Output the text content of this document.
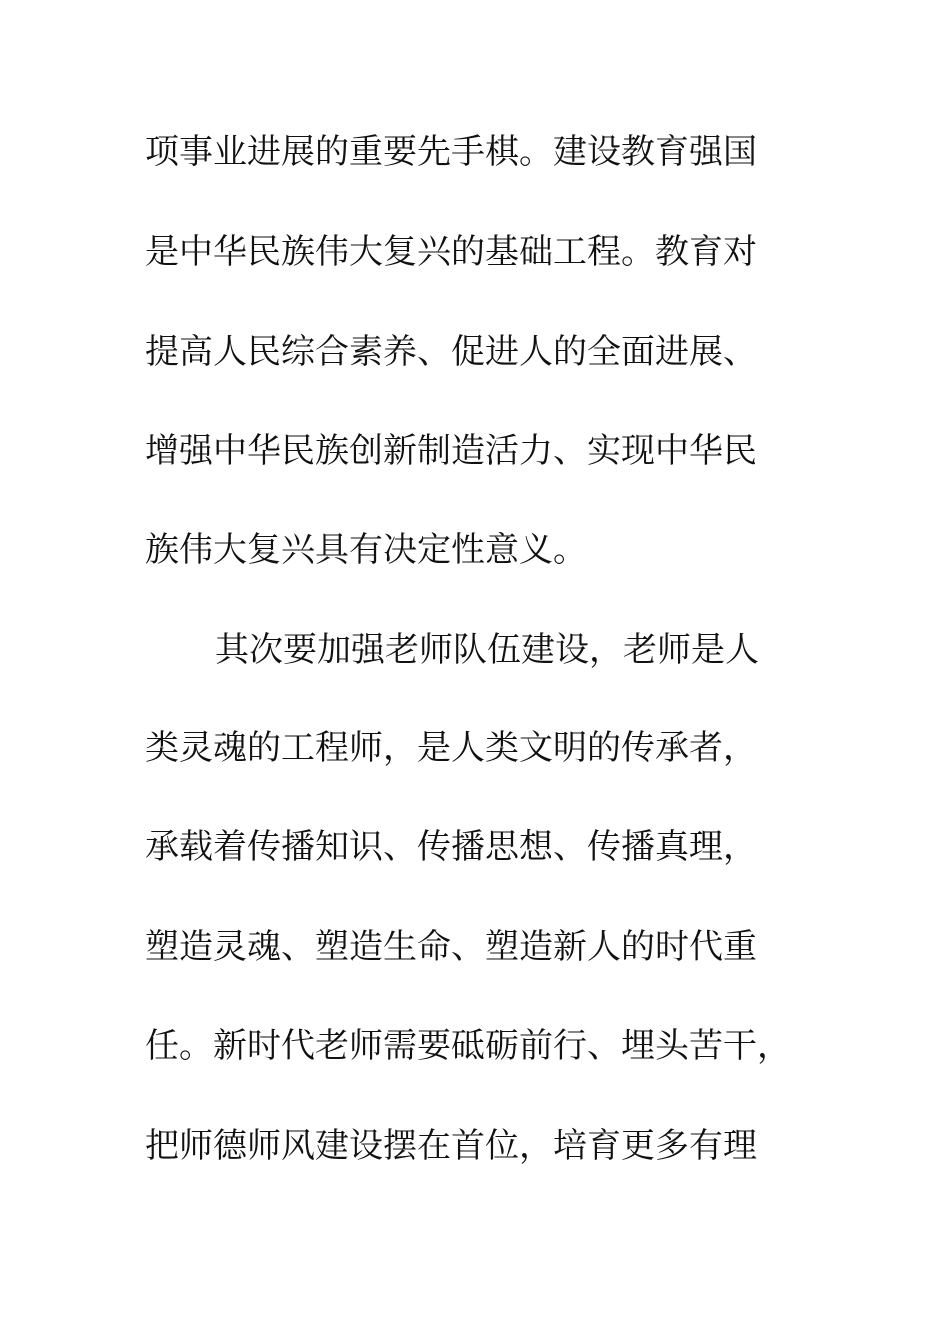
项事业进展的重要先手棋。建设教育强国
是中华民族伟大复兴的基础工程。教育对
提高人民综合素养、促进人的全面进展、
增强中华民族创新制造活力、实现中华民
族伟大复兴具有决定性意义。
其次要加强老师队伍建设，老师是人
类灵魂的工程师，是人类文明的传承者，
承载着传播知识、传播思想、传播真理，
塑造灵魂、塑造生命、塑造新人的时代重
任。新时代老师需要砥砺前行、埋头苦干，
把师德师风建设摆在首位，培育更多有理
